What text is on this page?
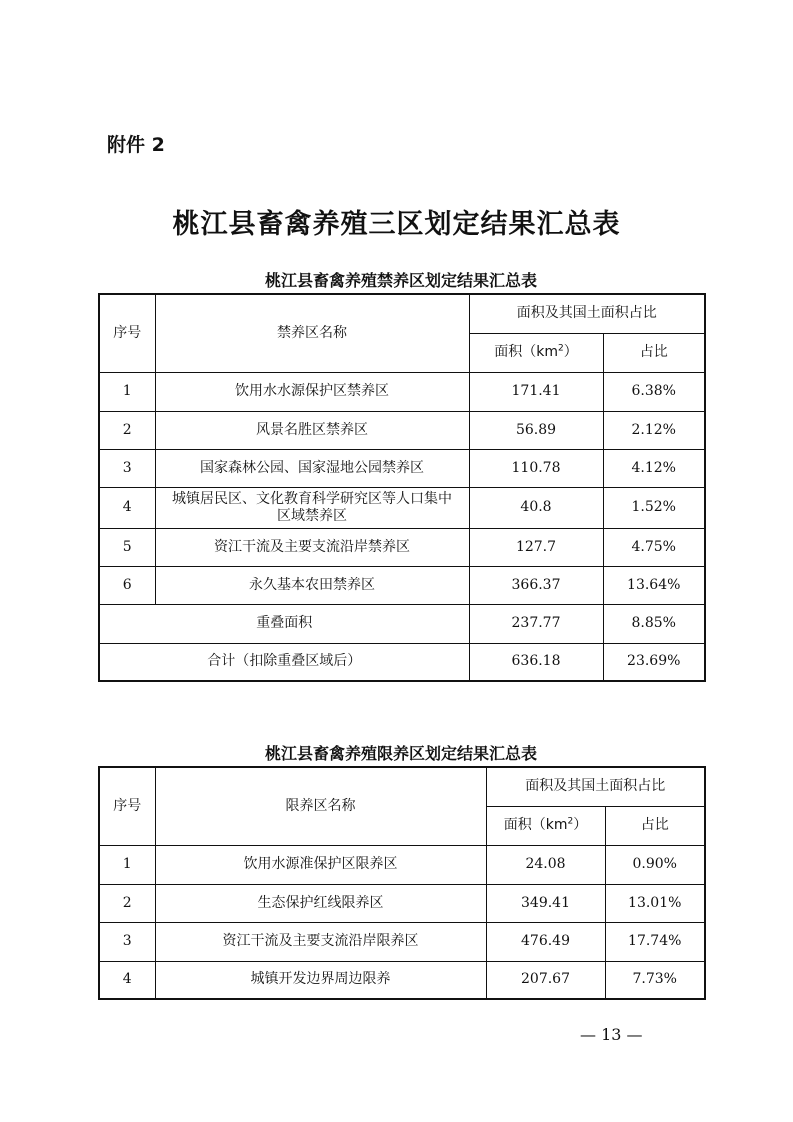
附件 2
桃江县畜禽养殖三区划定结果汇总表
桃江县畜禽养殖禁养区划定结果汇总表
序号	禁养区名称	面积及其国土面积占比	
		面积$(km^2)$	占比
1	饮用水水源保护区禁养区	171.41	6.38%
2	风景名胜区禁养区	56.89	2.12%
3	国家森林公园、国家湿地公园禁养区	110.78	4.12%
4	城镇居民区、文化教育科学研究区等人口集中区域禁养区	40.8	1.52%
5	资江干流及主要支流沿岸禁养区	127.7	4.75%
6	永久基本农田禁养区	366.37	13.64%
重叠面积		237.77	8.85%
合计（扣除重叠区域后）		636.18	23.69%
桃江县畜禽养殖限养区划定结果汇总表
序号	限养区名称	面积及其国土面积占比	
		面积$(km^2)$	占比
1	饮用水源准保护区限养区	24.08	0.90%
2	生态保护红线限养区	349.41	13.01%
3	资江干流及主要支流沿岸限养区	476.49	17.74%
4	城镇开发边界周边限养	207.67	7.73%
— 13 —
